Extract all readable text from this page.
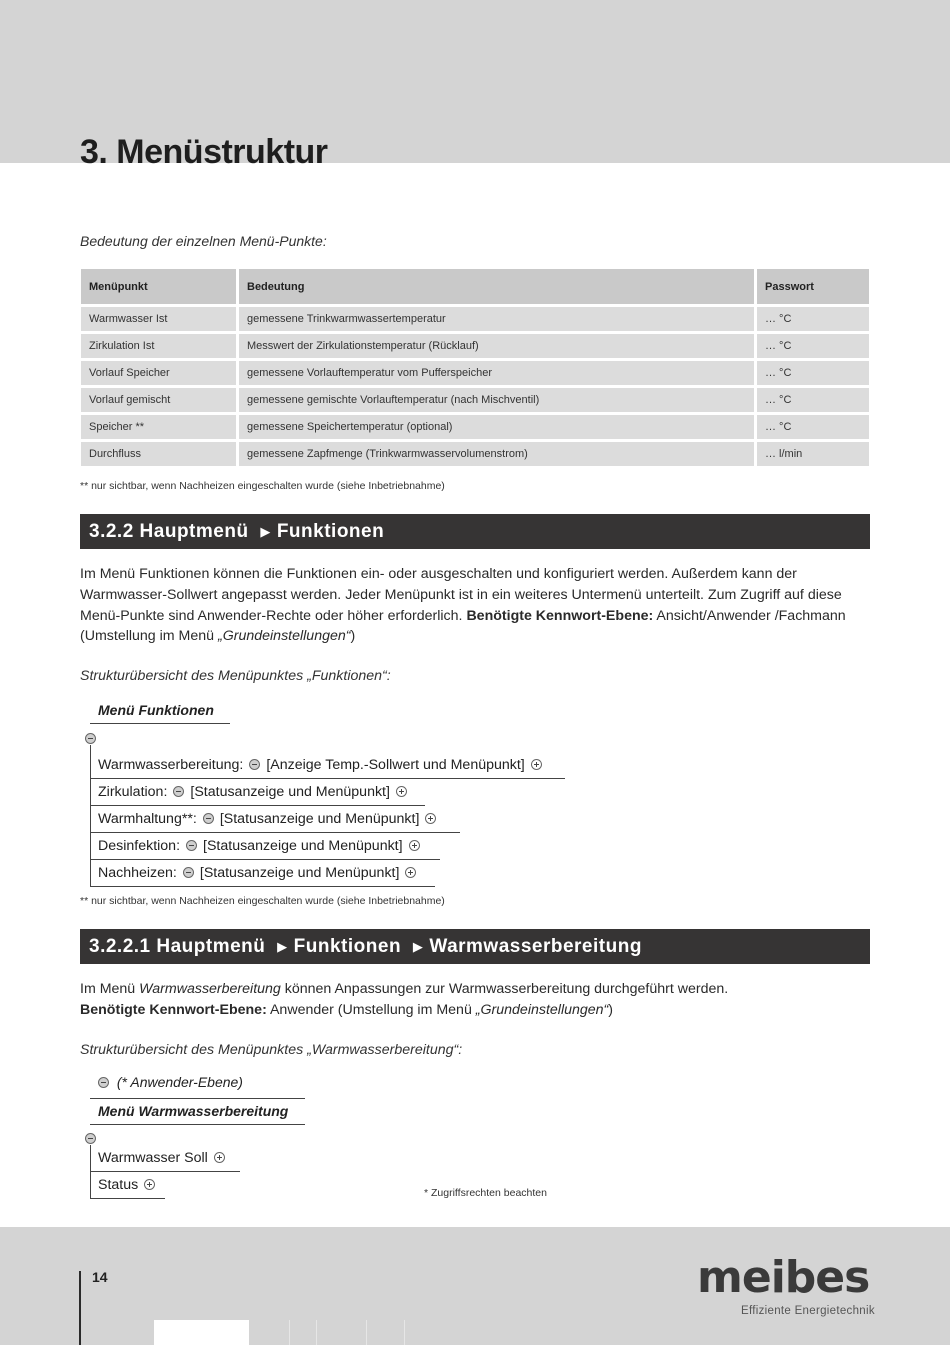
3. Menüstruktur
Bedeutung der einzelnen Menü-Punkte:
Menüpunkt	Bedeutung	Passwort
Warmwasser Ist	gemessene Trinkwarmwassertemperatur	… °C
Zirkulation Ist	Messwert der Zirkulationstemperatur (Rücklauf)	… °C
Vorlauf Speicher	gemessene Vorlauftemperatur vom Pufferspeicher	… °C
Vorlauf gemischt	gemessene gemischte Vorlauftemperatur (nach Mischventil)	… °C
Speicher **	gemessene Speichertemperatur (optional)	… °C
Durchfluss	gemessene Zapfmenge (Trinkwarmwasservolumenstrom)	… l/min
** nur sichtbar, wenn Nachheizen eingeschalten wurde (siehe Inbetriebnahme)
3.2.2 Hauptmenü ▶ Funktionen

Im Menü Funktionen können die Funktionen ein- oder ausgeschalten und konfiguriert werden. Außerdem kann der Warmwasser-Sollwert angepasst werden. Jeder Menüpunkt ist in ein weiteres Untermenü unterteilt. Zum Zugriff auf diese Menü-Punkte sind Anwender-Rechte oder höher erforderlich. Benötigte Kennwort-Ebene: Ansicht/Anwender /Fachmann (Umstellung im Menü „Grundeinstellungen“)

Strukturübersicht des Menüpunktes „Funktionen“:
Menü Funktionen
Warmwasserbereitung: [Anzeige Temp.-Sollwert und Menüpunkt]
Zirkulation: [Statusanzeige und Menüpunkt]
Warmhaltung**: [Statusanzeige und Menüpunkt]
Desinfektion: [Statusanzeige und Menüpunkt]
Nachheizen: [Statusanzeige und Menüpunkt]
** nur sichtbar, wenn Nachheizen eingeschalten wurde (siehe Inbetriebnahme)
3.2.2.1 Hauptmenü ▶ Funktionen ▶ Warmwasserbereitung

Im Menü Warmwasserbereitung können Anpassungen zur Warmwasserbereitung durchgeführt werden.
Benötigte Kennwort-Ebene: Anwender (Umstellung im Menü „Grundeinstellungen“)

Strukturübersicht des Menüpunktes „Warmwasserbereitung“:
(* Anwender-Ebene)
Menü Warmwasserbereitung
Warmwasser Soll
Status	* Zugriffsrechten beachten
14	meibes
Effiziente Energietechnik
